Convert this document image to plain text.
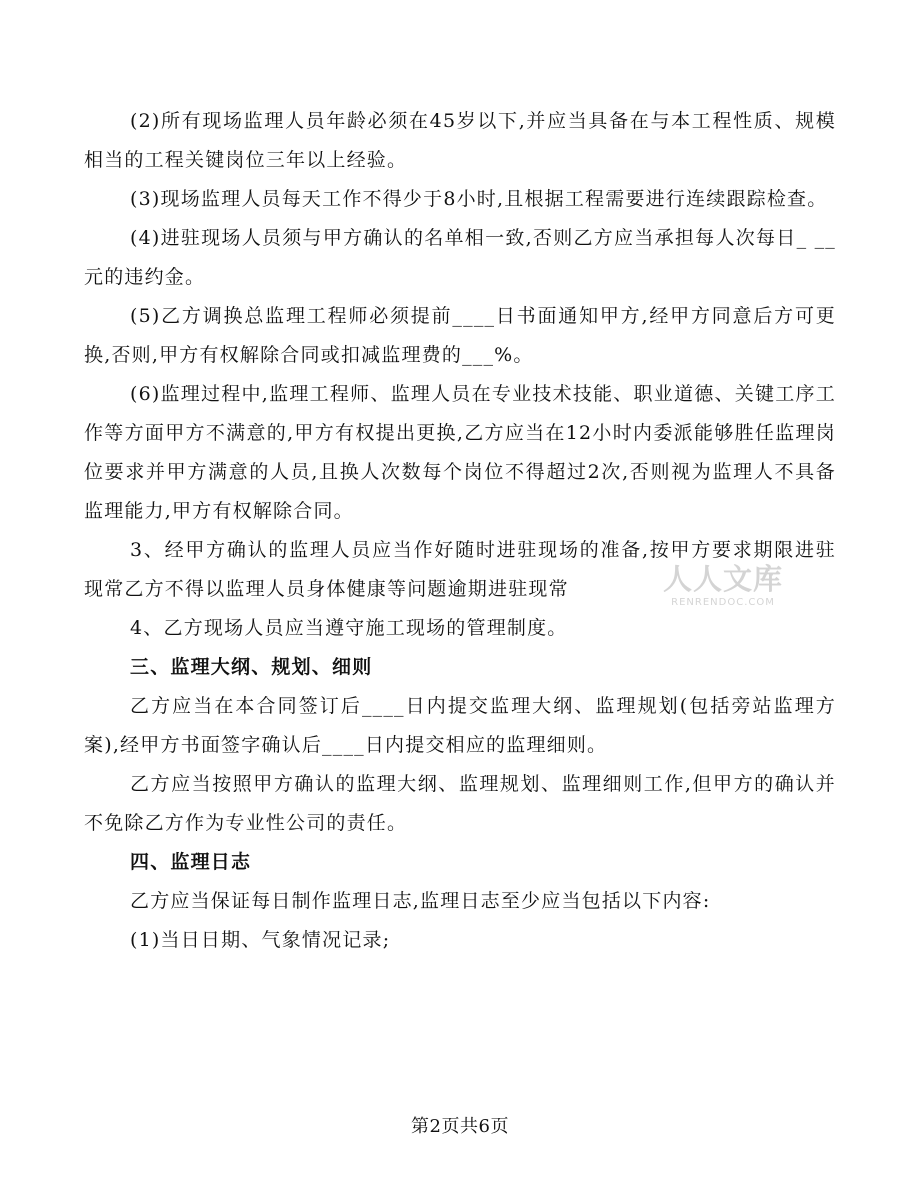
(2)所有现场监理人员年龄必须在45岁以下,并应当具备在与本工程性质、规模相当的工程关键岗位三年以上经验。

(3)现场监理人员每天工作不得少于8小时,且根据工程需要进行连续跟踪检查。

(4)进驻现场人员须与甲方确认的名单相一致,否则乙方应当承担每人次每日_ __元的违约金。

(5)乙方调换总监理工程师必须提前____日书面通知甲方,经甲方同意后方可更换,否则,甲方有权解除合同或扣减监理费的___%。

(6)监理过程中,监理工程师、监理人员在专业技术技能、职业道德、关键工序工作等方面甲方不满意的,甲方有权提出更换,乙方应当在12小时内委派能够胜任监理岗位要求并甲方满意的人员,且换人次数每个岗位不得超过2次,否则视为监理人不具备监理能力,甲方有权解除合同。

3、经甲方确认的监理人员应当作好随时进驻现场的准备,按甲方要求期限进驻现常乙方不得以监理人员身体健康等问题逾期进驻现常

4、乙方现场人员应当遵守施工现场的管理制度。

三、监理大纲、规划、细则

乙方应当在本合同签订后____日内提交监理大纲、监理规划(包括旁站监理方案),经甲方书面签字确认后____日内提交相应的监理细则。

乙方应当按照甲方确认的监理大纲、监理规划、监理细则工作,但甲方的确认并不免除乙方作为专业性公司的责任。

四、监理日志

乙方应当保证每日制作监理日志,监理日志至少应当包括以下内容:

(1)当日日期、气象情况记录;

人人文库
RENRENDOC.COM
第2页共6页
